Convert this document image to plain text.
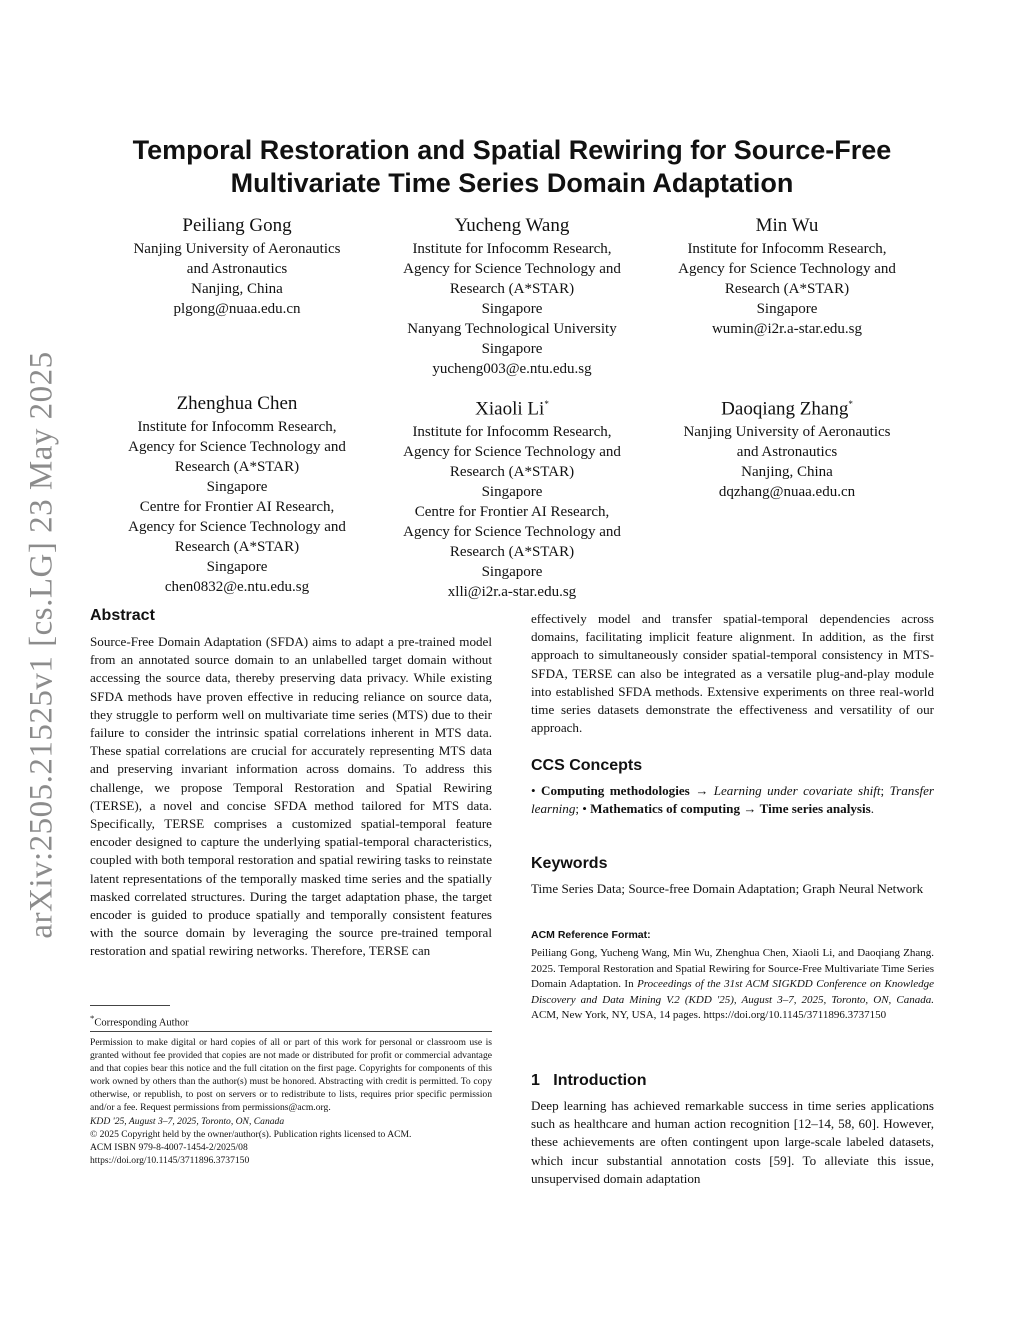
arXiv:2505.21525v1 [cs.LG] 23 May 2025
Temporal Restoration and Spatial Rewiring for Source-Free
Multivariate Time Series Domain Adaptation
Peiliang Gong
Nanjing University of Aeronautics
and Astronautics
Nanjing, China
plgong@nuaa.edu.cn
Yucheng Wang
Institute for Infocomm Research,
Agency for Science Technology and
Research (A*STAR)
Singapore
Nanyang Technological University
Singapore
yucheng003@e.ntu.edu.sg
Min Wu
Institute for Infocomm Research,
Agency for Science Technology and
Research (A*STAR)
Singapore
wumin@i2r.a-star.edu.sg
Zhenghua Chen
Institute for Infocomm Research,
Agency for Science Technology and
Research (A*STAR)
Singapore
Centre for Frontier AI Research,
Agency for Science Technology and
Research (A*STAR)
Singapore
chen0832@e.ntu.edu.sg
Xiaoli Li*
Institute for Infocomm Research,
Agency for Science Technology and
Research (A*STAR)
Singapore
Centre for Frontier AI Research,
Agency for Science Technology and
Research (A*STAR)
Singapore
xlli@i2r.a-star.edu.sg
Daoqiang Zhang*
Nanjing University of Aeronautics
and Astronautics
Nanjing, China
dqzhang@nuaa.edu.cn
Abstract
Source-Free Domain Adaptation (SFDA) aims to adapt a pre-trained model from an annotated source domain to an unlabelled target domain without accessing the source data, thereby preserving data privacy. While existing SFDA methods have proven effective in reducing reliance on source data, they struggle to perform well on multivariate time series (MTS) due to their failure to consider the intrinsic spatial correlations inherent in MTS data. These spatial correlations are crucial for accurately representing MTS data and preserving invariant information across domains. To address this challenge, we propose Temporal Restoration and Spatial Rewiring (TERSE), a novel and concise SFDA method tailored for MTS data. Specifically, TERSE comprises a customized spatial-temporal feature encoder designed to capture the underlying spatial-temporal characteristics, coupled with both temporal restoration and spatial rewiring tasks to reinstate latent representations of the temporally masked time series and the spatially masked correlated structures. During the target adaptation phase, the target encoder is guided to produce spatially and temporally consistent features with the source domain by leveraging the source pre-trained temporal restoration and spatial rewiring networks. Therefore, TERSE can
*Corresponding Author
Permission to make digital or hard copies of all or part of this work for personal or classroom use is granted without fee provided that copies are not made or distributed for profit or commercial advantage and that copies bear this notice and the full citation on the first page. Copyrights for components of this work owned by others than the author(s) must be honored. Abstracting with credit is permitted. To copy otherwise, or republish, to post on servers or to redistribute to lists, requires prior specific permission and/or a fee. Request permissions from permissions@acm.org.
KDD '25, August 3–7, 2025, Toronto, ON, Canada
© 2025 Copyright held by the owner/author(s). Publication rights licensed to ACM.
ACM ISBN 979-8-4007-1454-2/2025/08
https://doi.org/10.1145/3711896.3737150
effectively model and transfer spatial-temporal dependencies across domains, facilitating implicit feature alignment. In addition, as the first approach to simultaneously consider spatial-temporal consistency in MTS-SFDA, TERSE can also be integrated as a versatile plug-and-play module into established SFDA methods. Extensive experiments on three real-world time series datasets demonstrate the effectiveness and versatility of our approach.
CCS Concepts
• Computing methodologies → Learning under covariate shift; Transfer learning; • Mathematics of computing → Time series analysis.
Keywords
Time Series Data; Source-free Domain Adaptation; Graph Neural Network
ACM Reference Format:
Peiliang Gong, Yucheng Wang, Min Wu, Zhenghua Chen, Xiaoli Li, and Daoqiang Zhang. 2025. Temporal Restoration and Spatial Rewiring for Source-Free Multivariate Time Series Domain Adaptation. In Proceedings of the 31st ACM SIGKDD Conference on Knowledge Discovery and Data Mining V.2 (KDD '25), August 3–7, 2025, Toronto, ON, Canada. ACM, New York, NY, USA, 14 pages. https://doi.org/10.1145/3711896.3737150
1 Introduction
Deep learning has achieved remarkable success in time series applications such as healthcare and human action recognition [12–14, 58, 60]. However, these achievements are often contingent upon large-scale labeled datasets, which incur substantial annotation costs [59]. To alleviate this issue, unsupervised domain adaptation
